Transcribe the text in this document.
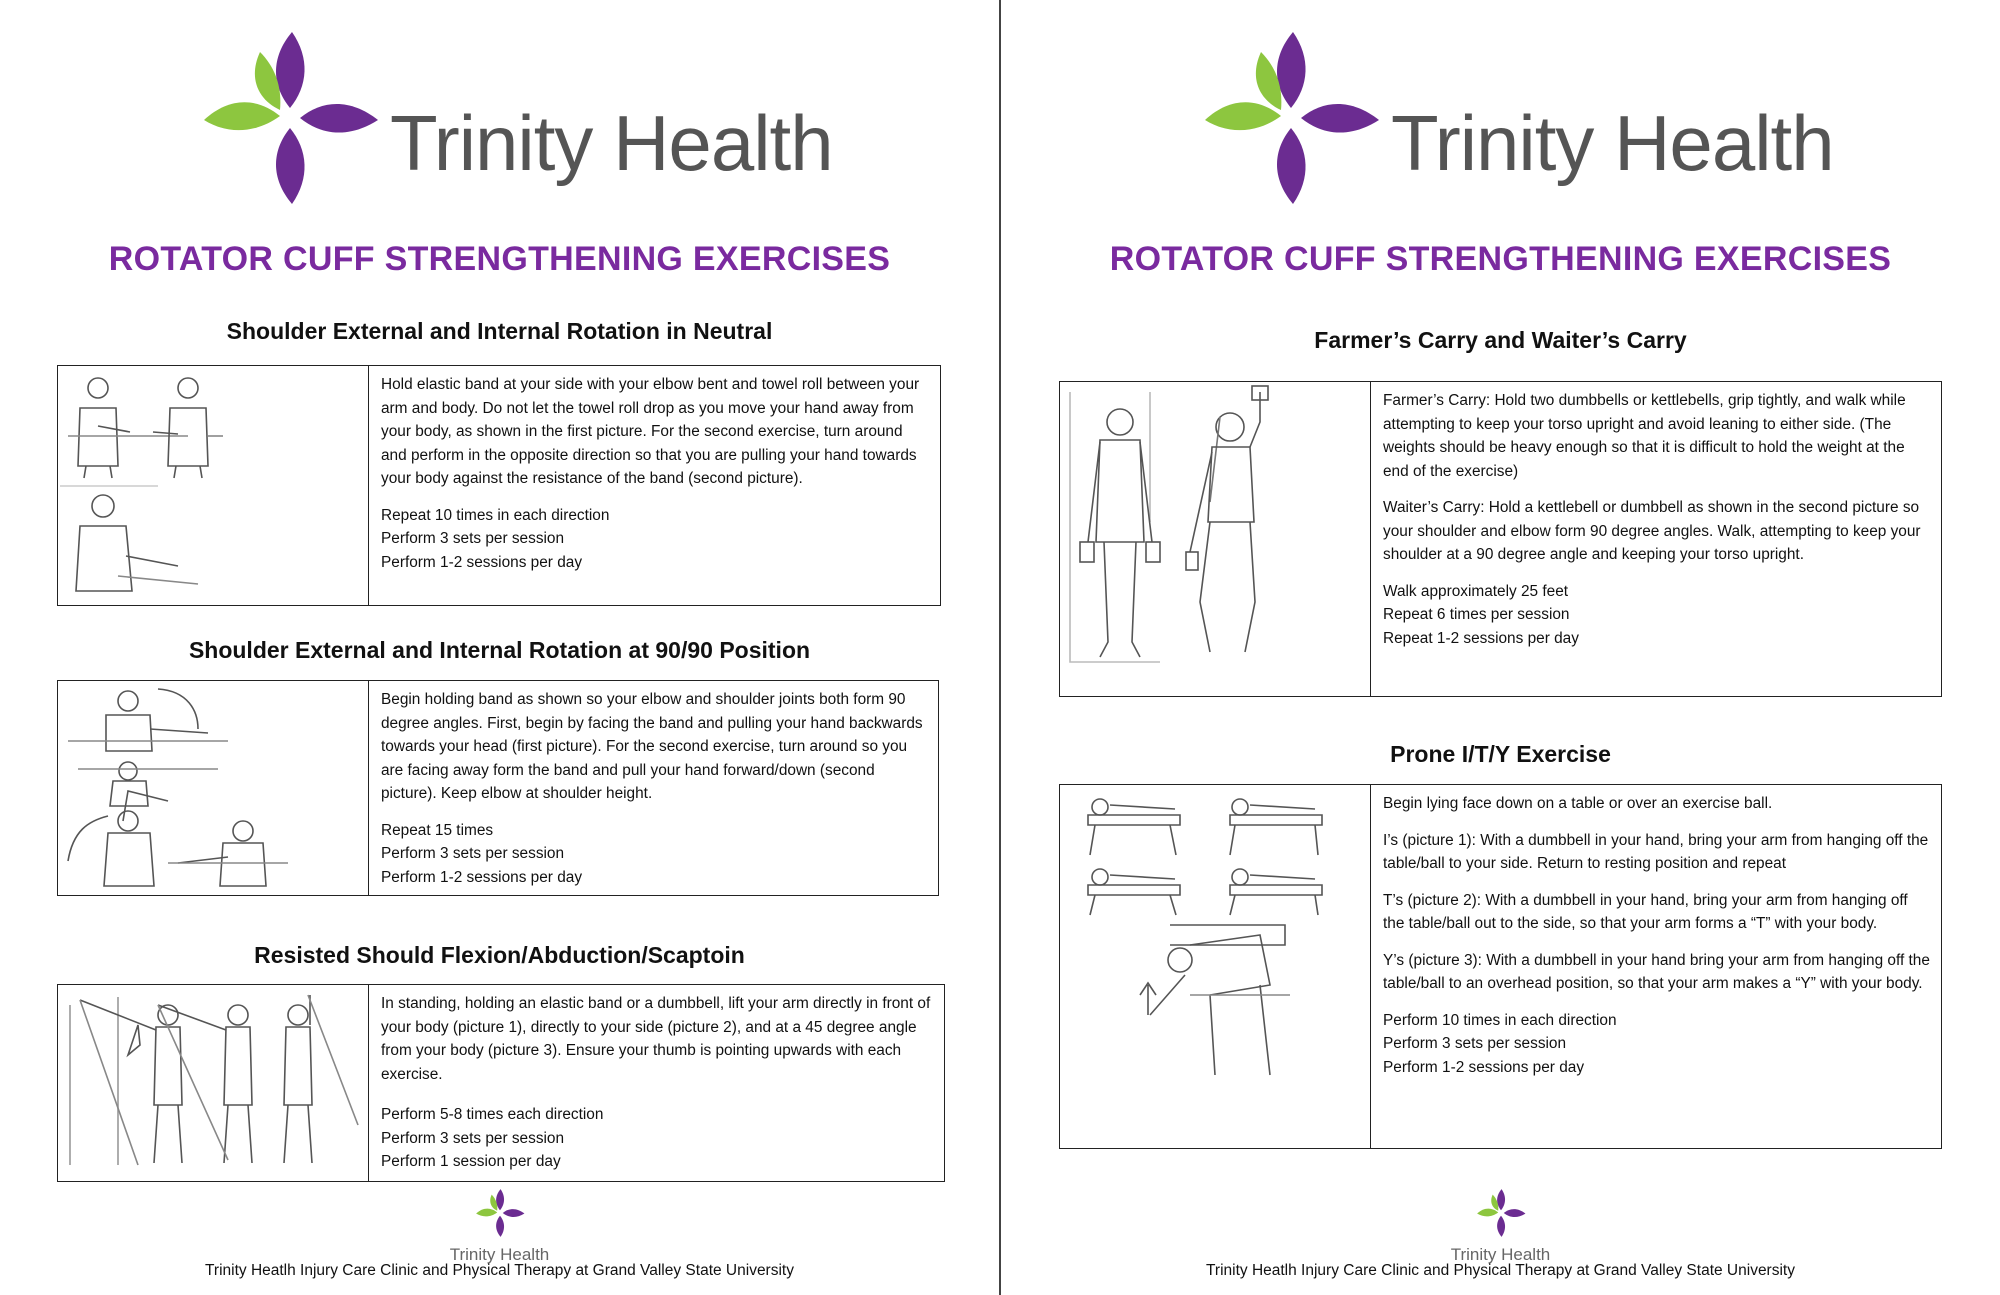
Trinity Health
ROTATOR CUFF STRENGTHENING EXERCISES
Shoulder External and Internal Rotation in Neutral

Hold elastic band at your side with your elbow bent and towel roll between your arm and body. Do not let the towel roll drop as you move your hand away from your body, as shown in the first picture. For the second exercise, turn around and perform in the opposite direction so that you are pulling your hand towards your body against the resistance of the band (second picture).

Repeat 10 times in each direction
Perform 3 sets per session
Perform 1-2 sessions per day
Shoulder External and Internal Rotation at 90/90 Position

Begin holding band as shown so your elbow and shoulder joints both form 90 degree angles. First, begin by facing the band and pulling your hand backwards towards your head (first picture). For the second exercise, turn around so you are facing away form the band and pull your hand forward/down (second picture). Keep elbow at shoulder height.

Repeat 15 times
Perform 3 sets per session
Perform 1-2 sessions per day
Resisted Should Flexion/Abduction/Scaptoin

In standing, holding an elastic band or a dumbbell, lift your arm directly in front of your body (picture 1), directly to your side (picture 2), and at a 45 degree angle from your body (picture 3). Ensure your thumb is pointing upwards with each exercise.

Perform 5-8 times each direction
Perform 3 sets per session
Perform 1 session per day
Trinity Health
Trinity Heatlh Injury Care Clinic and Physical Therapy at Grand Valley State University
Trinity Health
ROTATOR CUFF STRENGTHENING EXERCISES
Farmer’s Carry and Waiter’s Carry

Farmer’s Carry: Hold two dumbbells or kettlebells, grip tightly, and walk while attempting to keep your torso upright and avoid leaning to either side. (The weights should be heavy enough so that it is difficult to hold the weight at the end of the exercise)

Waiter’s Carry: Hold a kettlebell or dumbbell as shown in the second picture so your shoulder and elbow form 90 degree angles. Walk, attempting to keep your shoulder at a 90 degree angle and keeping your torso upright.

Walk approximately 25 feet
Repeat 6 times per session
Repeat 1-2 sessions per day
Prone I/T/Y Exercise

Begin lying face down on a table or over an exercise ball.

I’s (picture 1): With a dumbbell in your hand, bring your arm from hanging off the table/ball to your side. Return to resting position and repeat

T’s (picture 2): With a dumbbell in your hand, bring your arm from hanging off the table/ball out to the side, so that your arm forms a “T” with your body.

Y’s (picture 3): With a dumbbell in your hand bring your arm from hanging off the table/ball to an overhead position, so that your arm makes a “Y” with your body.

Perform 10 times in each direction
Perform 3 sets per session
Perform 1-2 sessions per day
Trinity Health
Trinity Heatlh Injury Care Clinic and Physical Therapy at Grand Valley State University
